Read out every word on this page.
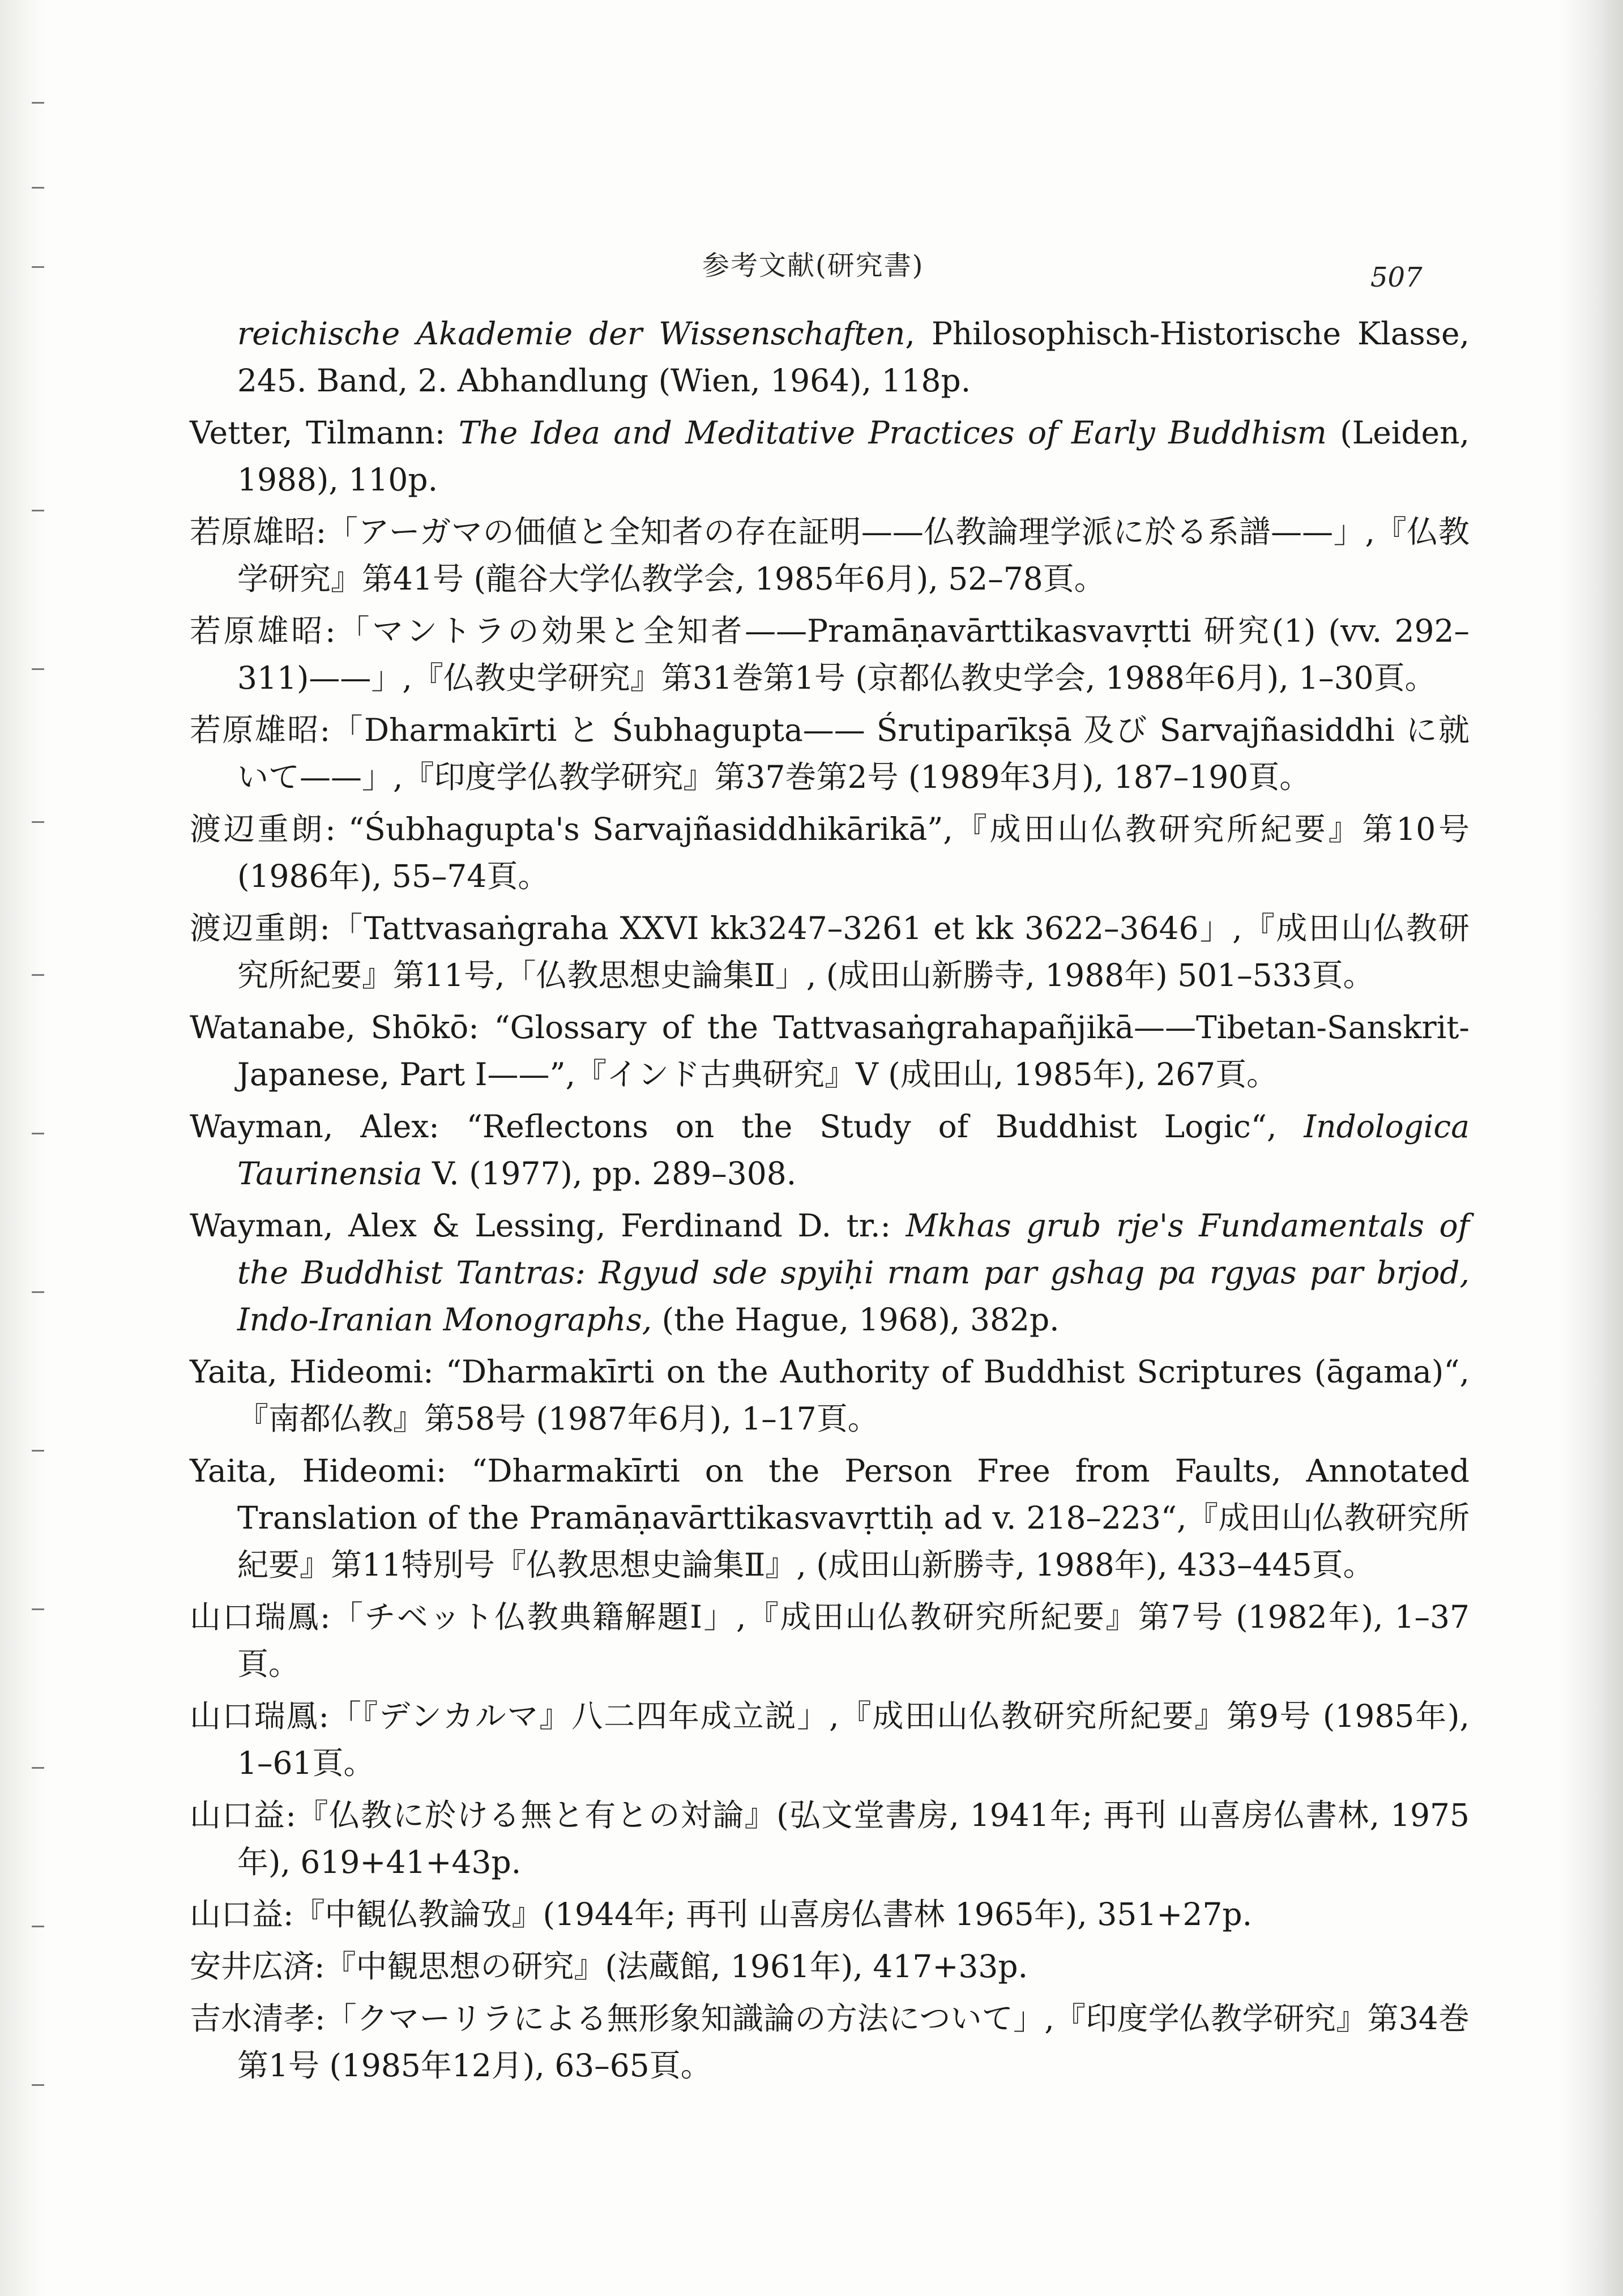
参考文献(研究書)	507
reichische Akademie der Wissenschaften, Philosophisch-Historische Klasse, 245. Band, 2. Abhandlung (Wien, 1964), 118p.
Vetter, Tilmann: The Idea and Meditative Practices of Early Buddhism (Leiden, 1988), 110p.
若原雄昭:「アーガマの価値と全知者の存在証明——仏教論理学派に於る系譜——」,『仏教学研究』第41号 (龍谷大学仏教学会, 1985年6月), 52–78頁。
若原雄昭:「マントラの効果と全知者——Pramāṇavārttikasvavṛtti 研究(1) (vv. 292–311)——」,『仏教史学研究』第31巻第1号 (京都仏教史学会, 1988年6月), 1–30頁。
若原雄昭:「Dharmakīrti と Śubhagupta—— Śrutiparīkṣā 及び Sarvajñasiddhi に就いて——」,『印度学仏教学研究』第37巻第2号 (1989年3月), 187–190頁。
渡辺重朗: “Śubhagupta's Sarvajñasiddhikārikā”,『成田山仏教研究所紀要』第10号 (1986年), 55–74頁。
渡辺重朗:「Tattvasaṅgraha XXVI kk3247–3261 et kk 3622–3646」,『成田山仏教研究所紀要』第11号,「仏教思想史論集Ⅱ」, (成田山新勝寺, 1988年) 501–533頁。
Watanabe, Shōkō: “Glossary of the Tattvasaṅgrahapañjikā——Tibetan-Sanskrit-Japanese, Part I——”,『インド古典研究』V (成田山, 1985年), 267頁。
Wayman, Alex: “Reflectons on the Study of Buddhist Logic“, Indologica Taurinensia V. (1977), pp. 289–308.
Wayman, Alex & Lessing, Ferdinand D. tr.: Mkhas grub rje's Fundamentals of the Buddhist Tantras: Rgyud sde spyiḥi rnam par gshag pa rgyas par brjod, Indo-Iranian Monographs, (the Hague, 1968), 382p.
Yaita, Hideomi: “Dharmakīrti on the Authority of Buddhist Scriptures (āgama)“,『南都仏教』第58号 (1987年6月), 1–17頁。
Yaita, Hideomi: “Dharmakīrti on the Person Free from Faults, Annotated Translation of the Pramāṇavārttikasvavṛttiḥ ad v. 218–223“,『成田山仏教研究所紀要』第11特別号『仏教思想史論集Ⅱ』, (成田山新勝寺, 1988年), 433–445頁。
山口瑞鳳:「チベット仏教典籍解題Ⅰ」,『成田山仏教研究所紀要』第7号 (1982年), 1–37頁。
山口瑞鳳:「『デンカルマ』八二四年成立説」,『成田山仏教研究所紀要』第9号 (1985年), 1–61頁。
山口益:『仏教に於ける無と有との対論』(弘文堂書房, 1941年; 再刊 山喜房仏書林, 1975年), 619+41+43p.
山口益:『中観仏教論攷』(1944年; 再刊 山喜房仏書林 1965年), 351+27p.
安井広済:『中観思想の研究』(法蔵館, 1961年), 417+33p.
吉水清孝:「クマーリラによる無形象知識論の方法について」,『印度学仏教学研究』第34巻第1号 (1985年12月), 63–65頁。
